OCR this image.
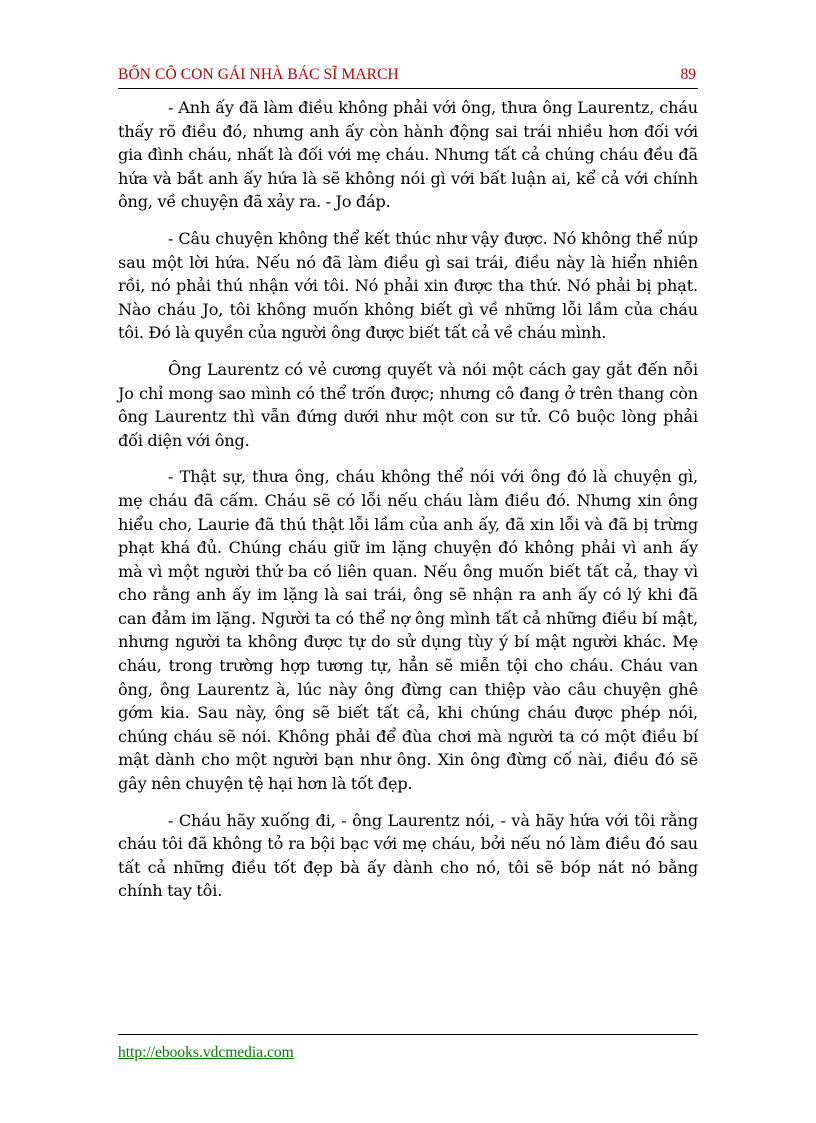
BỐN CÔ CON GÁI NHÀ BÁC SĨ MARCH	89

- Anh ấy đã làm điều không phải với ông, thưa ông Laurentz, cháu thấy rõ điều đó, nhưng anh ấy còn hành động sai trái nhiều hơn đối với gia đình cháu, nhất là đối với mẹ cháu. Nhưng tất cả chúng cháu đều đã hứa và bắt anh ấy hứa là sẽ không nói gì với bất luận ai, kể cả với chính ông, về chuyện đã xảy ra. - Jo đáp.

- Câu chuyện không thể kết thúc như vậy được. Nó không thể núp sau một lời hứa. Nếu nó đã làm điều gì sai trái, điều này là hiển nhiên rồi, nó phải thú nhận với tôi. Nó phải xin được tha thứ. Nó phải bị phạt. Nào cháu Jo, tôi không muốn không biết gì về những lỗi lầm của cháu tôi. Đó là quyền của người ông được biết tất cả về cháu mình.

Ông Laurentz có vẻ cương quyết và nói một cách gay gắt đến nỗi Jo chỉ mong sao mình có thể trốn được; nhưng cô đang ở trên thang còn ông Laurentz thì vẫn đứng dưới như một con sư tử. Cô buộc lòng phải đối diện với ông.

- Thật sự, thưa ông, cháu không thể nói với ông đó là chuyện gì, mẹ cháu đã cấm. Cháu sẽ có lỗi nếu cháu làm điều đó. Nhưng xin ông hiểu cho, Laurie đã thú thật lỗi lầm của anh ấy, đã xin lỗi và đã bị trừng phạt khá đủ. Chúng cháu giữ im lặng chuyện đó không phải vì anh ấy mà vì một người thứ ba có liên quan. Nếu ông muốn biết tất cả, thay vì cho rằng anh ấy im lặng là sai trái, ông sẽ nhận ra anh ấy có lý khi đã can đảm im lặng. Người ta có thể nợ ông mình tất cả những điều bí mật, nhưng người ta không được tự do sử dụng tùy ý bí mật người khác. Mẹ cháu, trong trường hợp tương tự, hẳn sẽ miễn tội cho cháu. Cháu van ông, ông Laurentz à, lúc này ông đừng can thiệp vào câu chuyện ghê gớm kia. Sau này, ông sẽ biết tất cả, khi chúng cháu được phép nói, chúng cháu sẽ nói. Không phải để đùa chơi mà người ta có một điều bí mật dành cho một người bạn như ông. Xin ông đừng cố nài, điều đó sẽ gây nên chuyện tệ hại hơn là tốt đẹp.

- Cháu hãy xuống đi, - ông Laurentz nói, - và hãy hứa với tôi rằng cháu tôi đã không tỏ ra bội bạc với mẹ cháu, bởi nếu nó làm điều đó sau tất cả những điều tốt đẹp bà ấy dành cho nó, tôi sẽ bóp nát nó bằng chính tay tôi.

http://ebooks.vdcmedia.com
